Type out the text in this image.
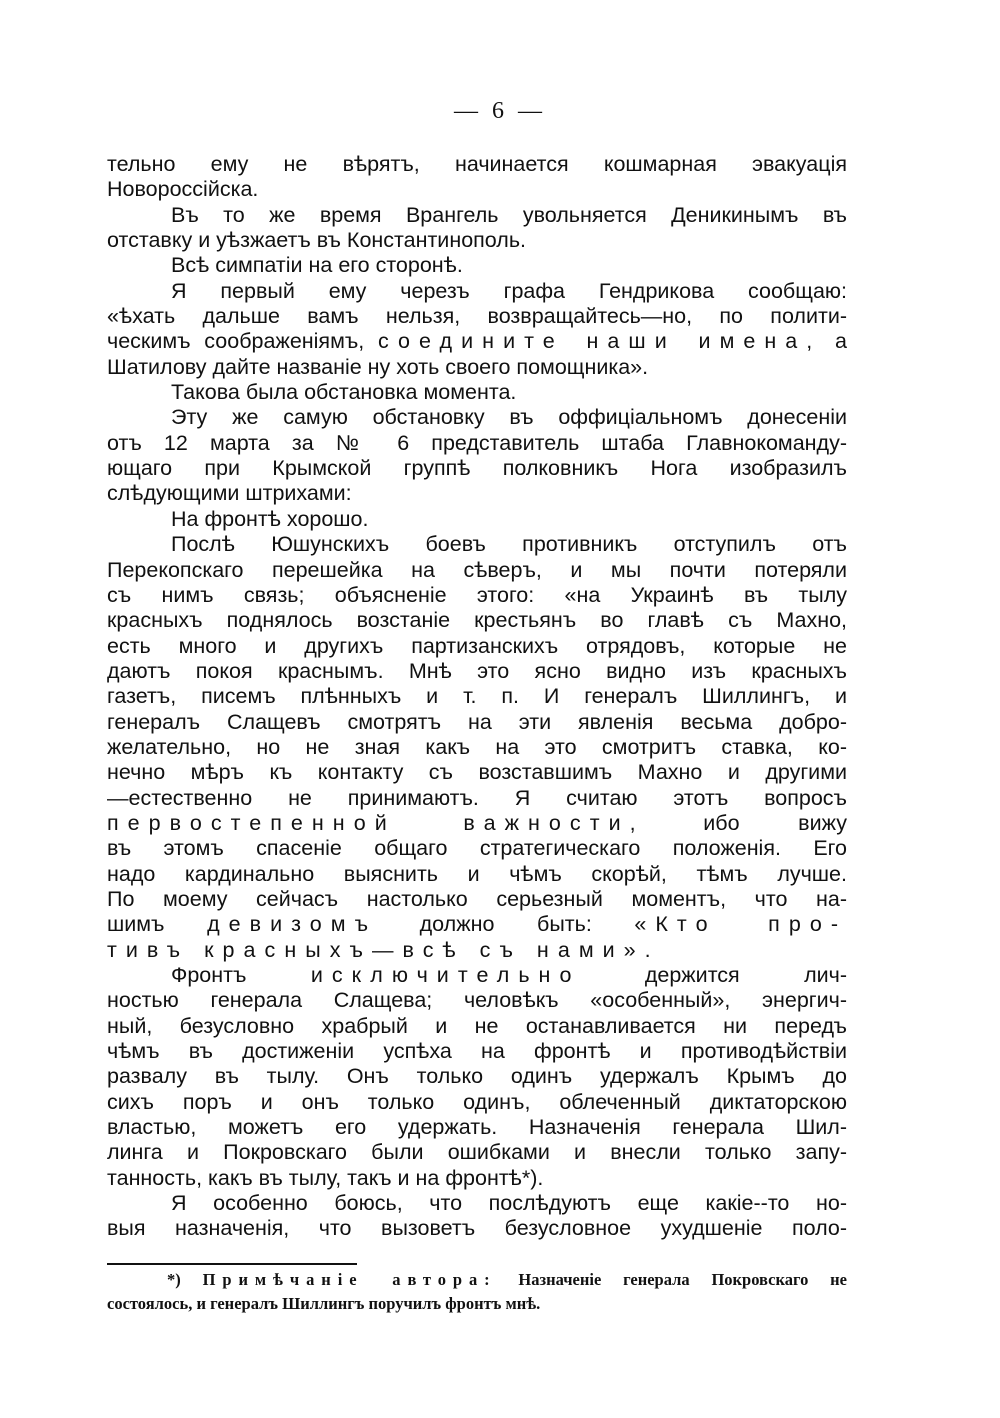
— 6 —
тельно ему не вѣрятъ, начинается кошмарная эвакуація
Новороссійска.
Въ то же время Врангель увольняется Деникинымъ въ
отставку и уѣзжаетъ въ Константинополь.
Всѣ симпатіи на его сторонѣ.
Я первый ему черезъ графа Гендрикова сообщаю:
«ѣхать дальше вамъ нельзя, возвращайтесь—но, по полити-
ческимъ соображеніямъ, соедините наши имена, а
Шатилову дайте названіе ну хоть своего помощника».
Такова была обстановка момента.
Эту же самую обстановку въ оффиціальномъ донесеніи
отъ 12 марта за № 6 представитель штаба Главнокоманду-
ющаго при Крымской группѣ полковникъ Нога изобразилъ
слѣдующими штрихами:
На фронтѣ хорошо.
Послѣ Юшунскихъ боевъ противникъ отступилъ отъ
Перекопскаго перешейка на сѣверъ, и мы почти потеряли
съ нимъ связь; объясненіе этого: «на Украинѣ въ тылу
красныхъ поднялось возстаніе крестьянъ во главѣ съ Махно,
есть много и другихъ партизанскихъ отрядовъ, которые не
даютъ покоя краснымъ. Мнѣ это ясно видно изъ красныхъ
газетъ, писемъ плѣнныхъ и т. п. И генералъ Шиллингъ, и
генералъ Слащевъ смотрятъ на эти явленія весьма добро-
желательно, но не зная какъ на это смотритъ ставка, ко-
нечно мѣръ къ контакту съ возставшимъ Махно и другими
—естественно не принимаютъ. Я считаю этотъ вопросъ
первостепенной важности, ибо вижу
въ этомъ спасеніе общаго стратегическаго положенія. Его
надо кардинально выяснить и чѣмъ скорѣй, тѣмъ лучше.
По моему сейчасъ настолько серьезный моментъ, что на-
шимъ девизомъ должно быть: «Кто про-
тивъ красныхъ—всѣ съ нами».
Фронтъ исключительно держится лич-
ностью генерала Слащева; человѣкъ «особенный», энергич-
ный, безусловно храбрый и не останавливается ни передъ
чѣмъ въ достиженіи успѣха на фронтѣ и противодѣйствіи
развалу въ тылу. Онъ только одинъ удержалъ Крымъ до
сихъ поръ и онъ только одинъ, облеченный диктаторскою
властью, можетъ его удержать. Назначенія генерала Шил-
линга и Покровскаго были ошибками и внесли только запу-
танность, какъ въ тылу, такъ и на фронтѣ*).
Я особенно боюсь, что послѣдуютъ еще какіе--то но-
выя назначенія, что вызоветъ безусловное ухудшеніе поло-
*) Примѣчаніе автора: Назначеніе генерала Покровскаго не
состоялось, и генералъ Шиллингъ поручилъ фронтъ мнѣ.
